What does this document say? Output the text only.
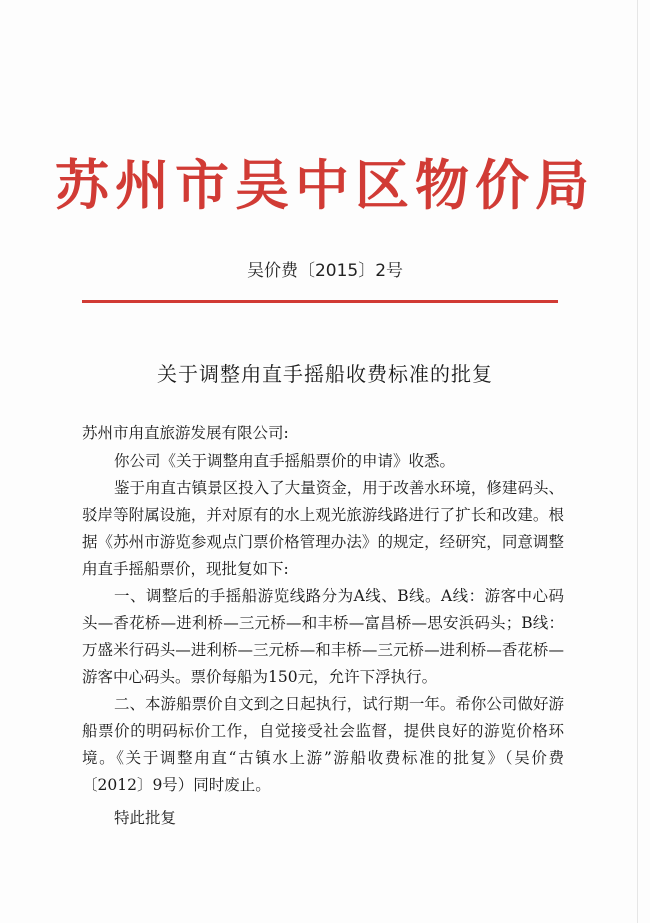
苏州市吴中区物价局
吴价费〔2015〕2号
关于调整甪直手摇船收费标准的批复

苏州市甪直旅游发展有限公司:

你公司《关于调整甪直手摇船票价的申请》收悉。

鉴于甪直古镇景区投入了大量资金，用于改善水环境，修建码头、驳岸等附属设施，并对原有的水上观光旅游线路进行了扩长和改建。根据《苏州市游览参观点门票价格管理办法》的规定，经研究，同意调整甪直手摇船票价，现批复如下:

一、调整后的手摇船游览线路分为A线、B线。A线：游客中心码头—香花桥—进利桥—三元桥—和丰桥—富昌桥—思安浜码头；B线：万盛米行码头—进利桥—三元桥—和丰桥—三元桥—进利桥—香花桥—游客中心码头。票价每船为150元，允许下浮执行。

二、本游船票价自文到之日起执行，试行期一年。希你公司做好游船票价的明码标价工作，自觉接受社会监督，提供良好的游览价格环境。《关于调整甪直“古镇水上游”游船收费标准的批复》（吴价费〔2012〕9号）同时废止。

特此批复
